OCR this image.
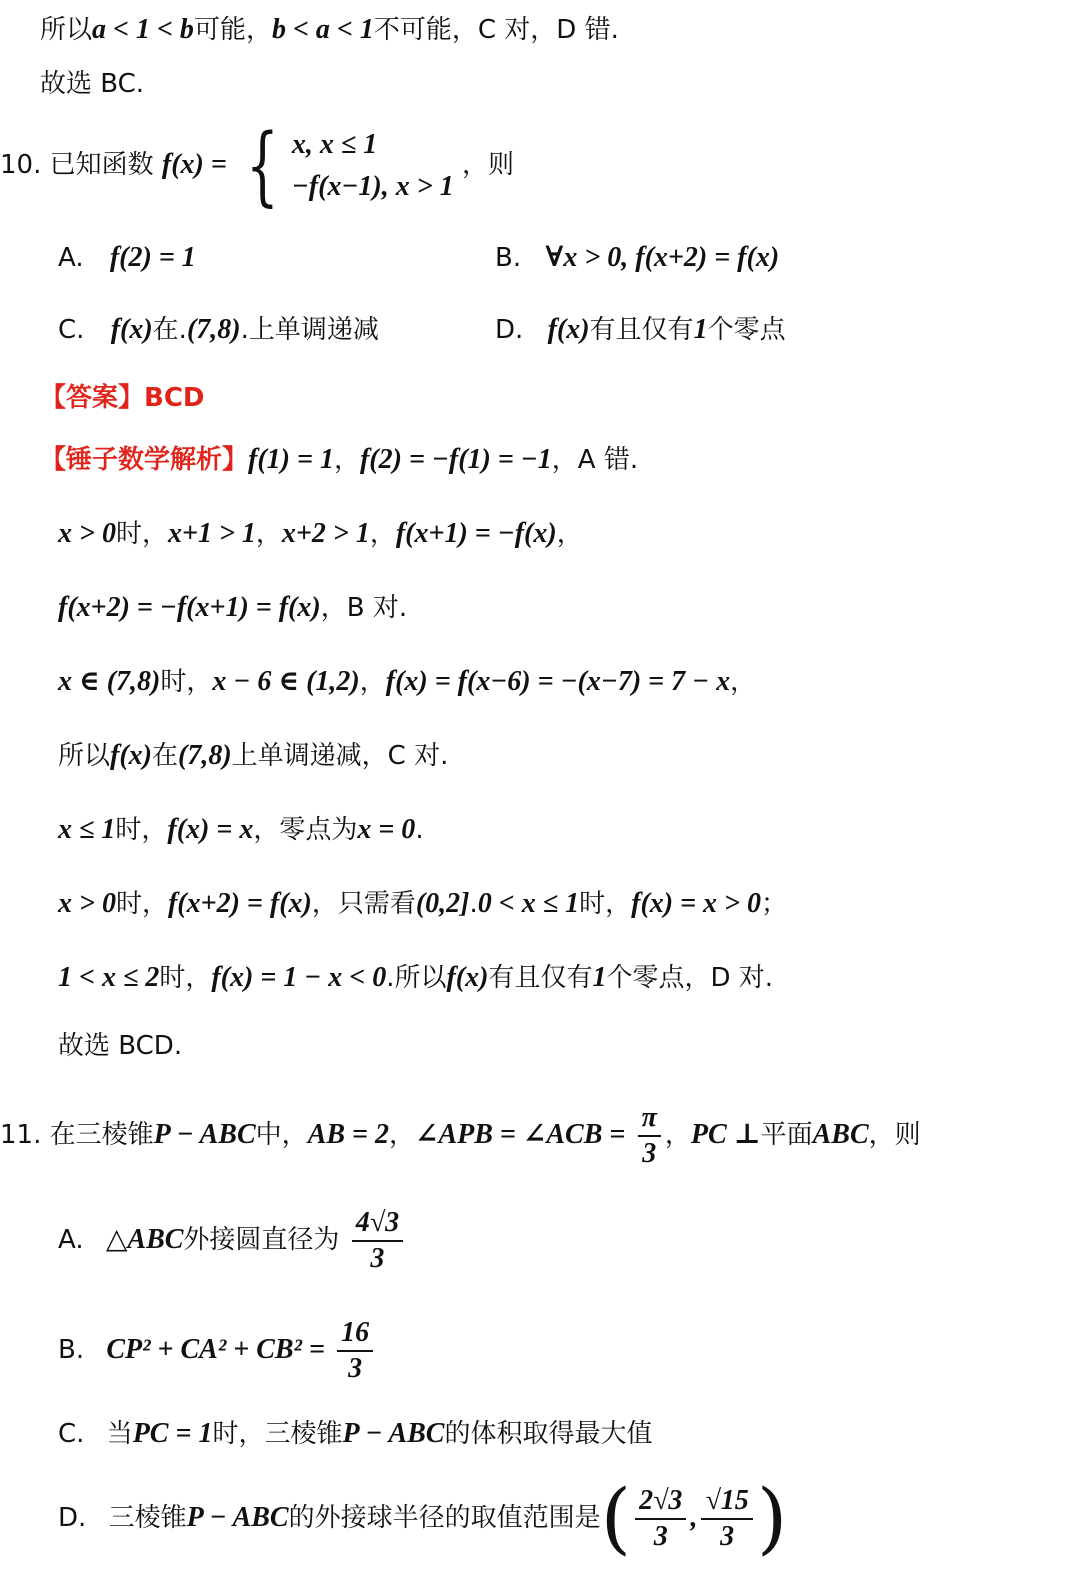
所以a < 1 < b可能，b < a < 1不可能，C 对，D 错.
故选 BC.
10. 已知函数 f(x) = { x, x ≤ 1
−f(x−1), x > 1
，则
A. f(2) = 1	B. ∀x > 0, f(x+2) = f(x)
C. f(x)在.(7,8).上单调递减	D. f(x)有且仅有1个零点
【答案】BCD
【锤子数学解析】f(1) = 1，f(2) = −f(1) = −1，A 错.
x > 0时，x+1 > 1，x+2 > 1，f(x+1) = −f(x)，
f(x+2) = −f(x+1) = f(x)，B 对.
x ∈ (7,8)时，x − 6 ∈ (1,2)，f(x) = f(x−6) = −(x−7) = 7 − x，
所以f(x)在(7,8)上单调递减，C 对.
x ≤ 1时，f(x) = x，零点为x = 0.
x > 0时，f(x+2) = f(x)，只需看(0,2].0 < x ≤ 1时，f(x) = x > 0；
1 < x ≤ 2时，f(x) = 1 − x < 0.所以f(x)有且仅有1个零点，D 对.
故选 BCD.
11. 在三棱锥P − ABC中，AB = 2，∠APB = ∠ACB = $\frac{\pi}{3}$ ，PC ⊥平面ABC，则
A. △ABC外接圆直径为 $\frac{4√3}{3}$
B. $CP^2 + CA^2 + CB^2 = \frac{16}{3}$
C. 当PC = 1时，三棱锥P − ABC的体积取得最大值
D. 三棱锥P − ABC的外接球半径的取值范围是( $\frac{2√3}{3}$ , $\frac{√15}{3}$ )
